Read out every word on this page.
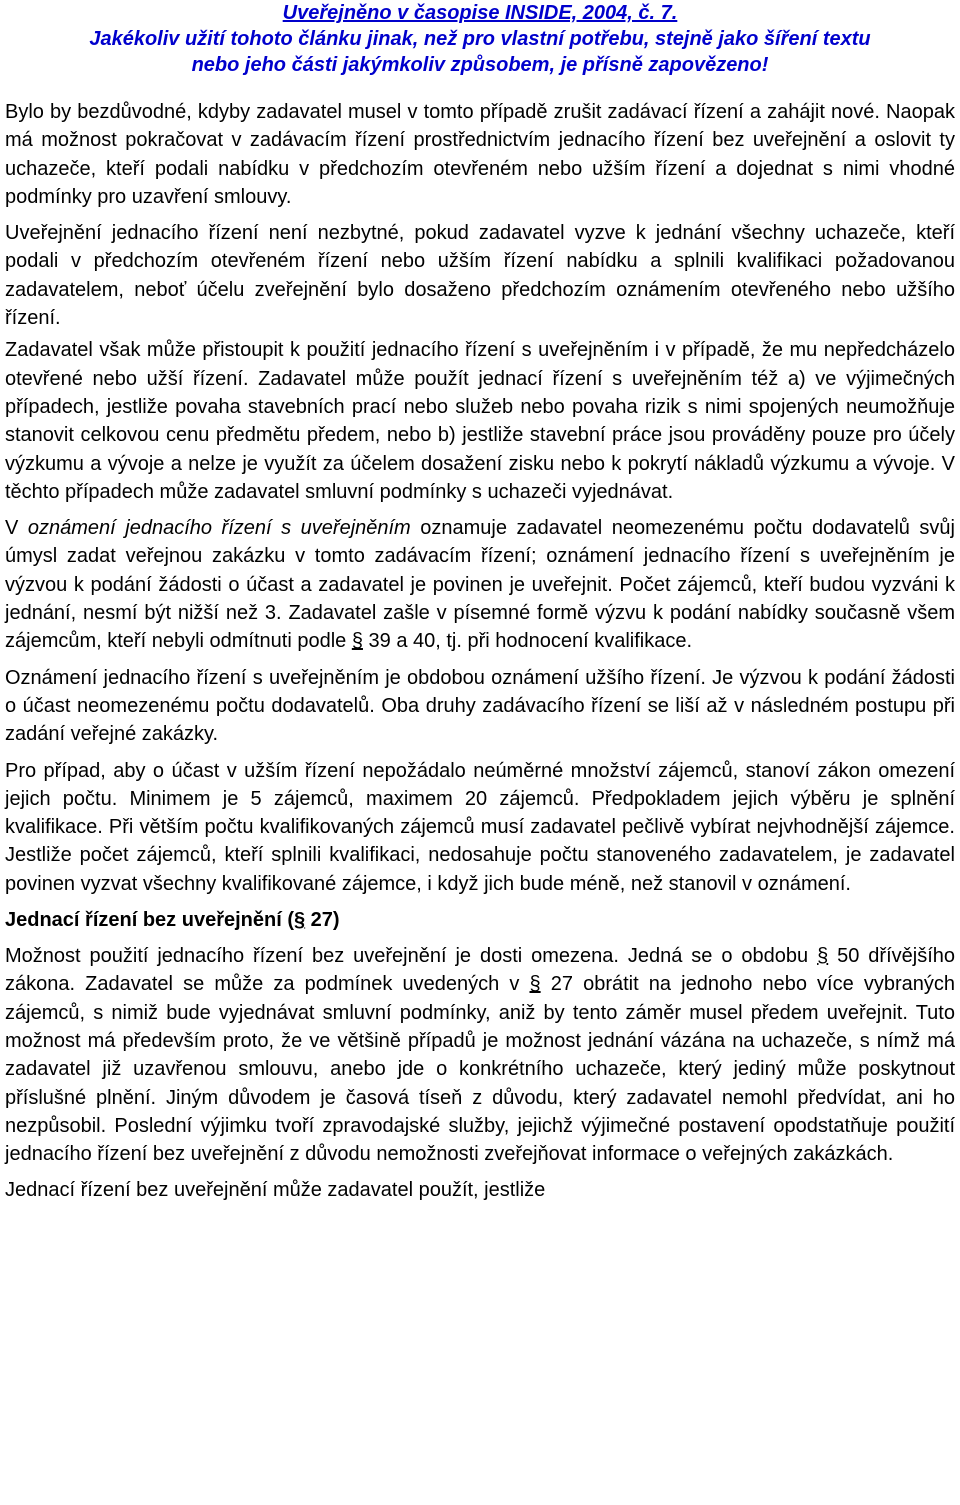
Uveřejněno v časopise INSIDE, 2004, č. 7.
Jakékoliv užití tohoto článku jinak, než pro vlastní potřebu, stejně jako šíření textu
nebo jeho části jakýmkoliv způsobem, je přísně zapovězeno!

Bylo by bezdůvodné, kdyby zadavatel musel v tomto případě zrušit zadávací řízení a zahájit nové. Naopak má možnost pokračovat v zadávacím řízení prostřednictvím jednacího řízení bez uveřejnění a oslovit ty uchazeče, kteří podali nabídku v předchozím otevřeném nebo užším řízení a dojednat s nimi vhodné podmínky pro uzavření smlouvy.

Uveřejnění jednacího řízení není nezbytné, pokud zadavatel vyzve k jednání všechny uchazeče, kteří podali v předchozím otevřeném řízení nebo užším řízení nabídku a splnili kvalifikaci požadovanou zadavatelem, neboť účelu zveřejnění bylo dosaženo předchozím oznámením otevřeného nebo užšího řízení.

Zadavatel však může přistoupit k použití jednacího řízení s uveřejněním i v případě, že mu nepředcházelo otevřené nebo užší řízení. Zadavatel může použít jednací řízení s uveřejněním též a) ve výjimečných případech, jestliže povaha stavebních prací nebo služeb nebo povaha rizik s nimi spojených neumožňuje stanovit celkovou cenu předmětu předem, nebo b) jestliže stavební práce jsou prováděny pouze pro účely výzkumu a vývoje a nelze je využít za účelem dosažení zisku nebo k pokrytí nákladů výzkumu a vývoje. V těchto případech může zadavatel smluvní podmínky s uchazeči vyjednávat.

V oznámení jednacího řízení s uveřejněním oznamuje zadavatel neomezenému počtu dodavatelů svůj úmysl zadat veřejnou zakázku v tomto zadávacím řízení; oznámení jednacího řízení s uveřejněním je výzvou k podání žádosti o účast a zadavatel je povinen je uveřejnit. Počet zájemců, kteří budou vyzváni k jednání, nesmí být nižší než 3. Zadavatel zašle v písemné formě výzvu k podání nabídky současně všem zájemcům, kteří nebyli odmítnuti podle § 39 a 40, tj. při hodnocení kvalifikace.

Oznámení jednacího řízení s uveřejněním je obdobou oznámení užšího řízení. Je výzvou k podání žádosti o účast neomezenému počtu dodavatelů. Oba druhy zadávacího řízení se liší až v následném postupu při zadání veřejné zakázky.

Pro případ, aby o účast v užším řízení nepožádalo neúměrné množství zájemců, stanoví zákon omezení jejich počtu. Minimem je 5 zájemců, maximem 20 zájemců. Předpokladem jejich výběru je splnění kvalifikace. Při větším počtu kvalifikovaných zájemců musí zadavatel pečlivě vybírat nejvhodnější zájemce. Jestliže počet zájemců, kteří splnili kvalifikaci, nedosahuje počtu stanoveného zadavatelem, je zadavatel povinen vyzvat všechny kvalifikované zájemce, i když jich bude méně, než stanovil v oznámení.

Jednací řízení bez uveřejnění (§ 27)

Možnost použití jednacího řízení bez uveřejnění je dosti omezena. Jedná se o obdobu § 50 dřívějšího zákona. Zadavatel se může za podmínek uvedených v § 27 obrátit na jednoho nebo více vybraných zájemců, s nimiž bude vyjednávat smluvní podmínky, aniž by tento záměr musel předem uveřejnit. Tuto možnost má především proto, že ve většině případů je možnost jednání vázána na uchazeče, s nímž má zadavatel již uzavřenou smlouvu, anebo jde o konkrétního uchazeče, který jediný může poskytnout příslušné plnění. Jiným důvodem je časová tíseň z důvodu, který zadavatel nemohl předvídat, ani ho nezpůsobil. Poslední výjimku tvoří zpravodajské služby, jejichž výjimečné postavení opodstatňuje použití jednacího řízení bez uveřejnění z důvodu nemožnosti zveřejňovat informace o veřejných zakázkách.

Jednací řízení bez uveřejnění může zadavatel použít, jestliže
